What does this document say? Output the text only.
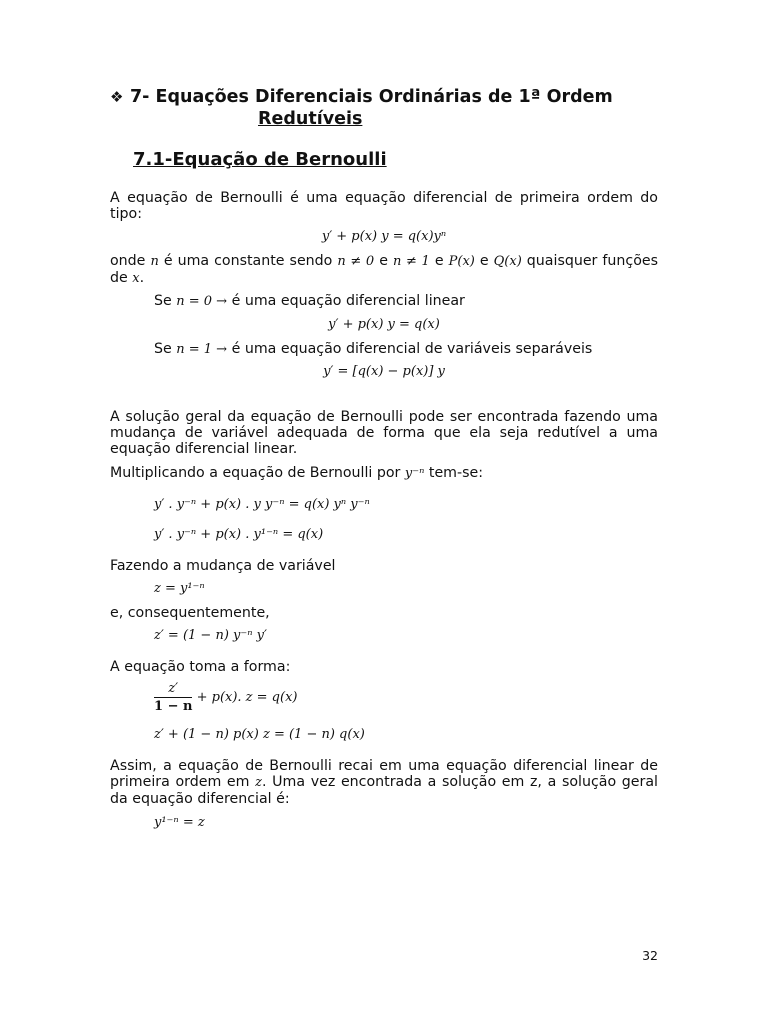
❖ 7- Equações Diferenciais Ordinárias de 1ª Ordem
Redutíveis
7.1-Equação de Bernoulli

A equação de Bernoulli é uma equação diferencial de primeira ordem do tipo:

y′ + p(x) y = q(x)yⁿ

onde n é uma constante sendo n ≠ 0 e n ≠ 1 e P(x) e Q(x) quaisquer funções de x.

Se n = 0 → é uma equação diferencial linear

y′ + p(x) y = q(x)

Se n = 1 → é uma equação diferencial de variáveis separáveis

y′ = [q(x) − p(x)] y

A solução geral da equação de Bernoulli pode ser encontrada fazendo uma mudança de variável adequada de forma que ela seja redutível a uma equação diferencial linear.

Multiplicando a equação de Bernoulli por y⁻ⁿ tem-se:

y′ . y⁻ⁿ + p(x) . y y⁻ⁿ = q(x) yⁿ y⁻ⁿ
y′ . y⁻ⁿ + p(x) . y¹⁻ⁿ = q(x)

Fazendo a mudança de variável

z = y¹⁻ⁿ

e, consequentemente,

z′ = (1 − n) y⁻ⁿ y′

A equação toma a forma:

$\frac{z'}{1 - n} + p(x)$. z = q(x)
z′ + (1 − n) p(x) z = (1 − n) q(x)

Assim, a equação de Bernoulli recai em uma equação diferencial linear de primeira ordem em z. Uma vez encontrada a solução em z, a solução geral da equação diferencial é:

y¹⁻ⁿ = z
32
